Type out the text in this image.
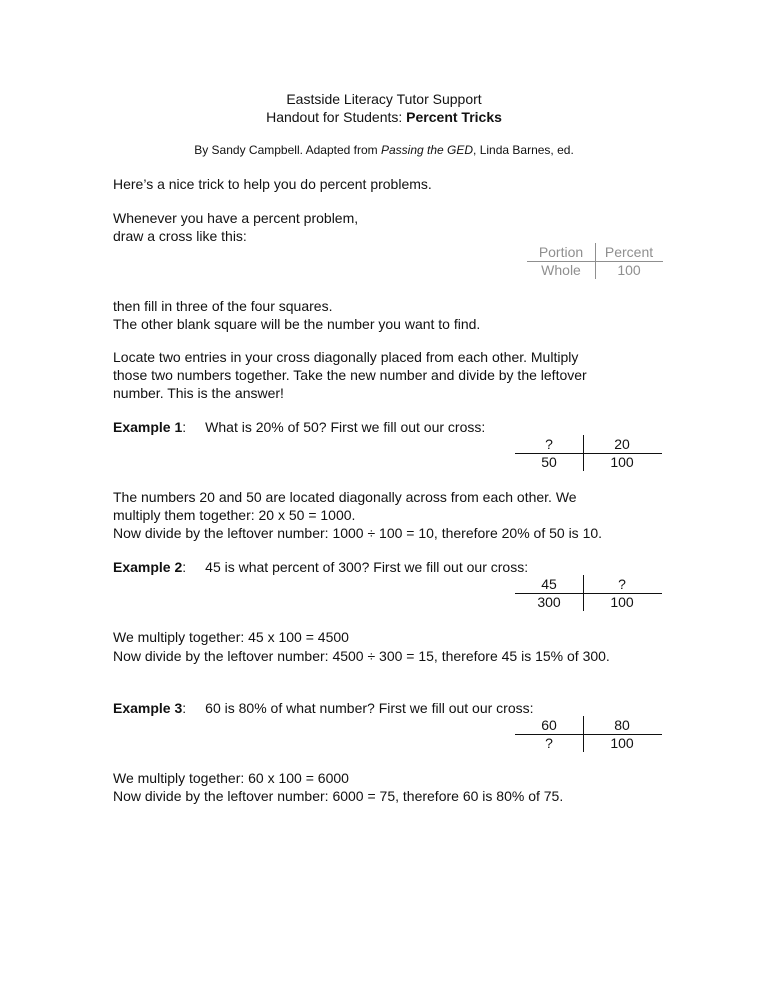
Eastside Literacy Tutor Support
Handout for Students: Percent Tricks
By Sandy Campbell. Adapted from Passing the GED, Linda Barnes, ed.
Here’s a nice trick to help you do percent problems.
Whenever you have a percent problem,
draw a cross like this:
Portion	Percent
Whole	100
then fill in three of the four squares.
The other blank square will be the number you want to find.
Locate two entries in your cross diagonally placed from each other. Multiply
those two numbers together. Take the new number and divide by the leftover
number. This is the answer!
Example 1: What is 20% of 50? First we fill out our cross:
?	20
50	100
The numbers 20 and 50 are located diagonally across from each other. We
multiply them together: 20 x 50 = 1000.
Now divide by the leftover number: 1000 ÷ 100 = 10, therefore 20% of 50 is 10.
Example 2: 45 is what percent of 300? First we fill out our cross:
45	?
300	100
We multiply together: 45 x 100 = 4500
Now divide by the leftover number: 4500 ÷ 300 = 15, therefore 45 is 15% of 300.
Example 3: 60 is 80% of what number? First we fill out our cross:
60	80
?	100
We multiply together: 60 x 100 = 6000
Now divide by the leftover number: 6000 = 75, therefore 60 is 80% of 75.
